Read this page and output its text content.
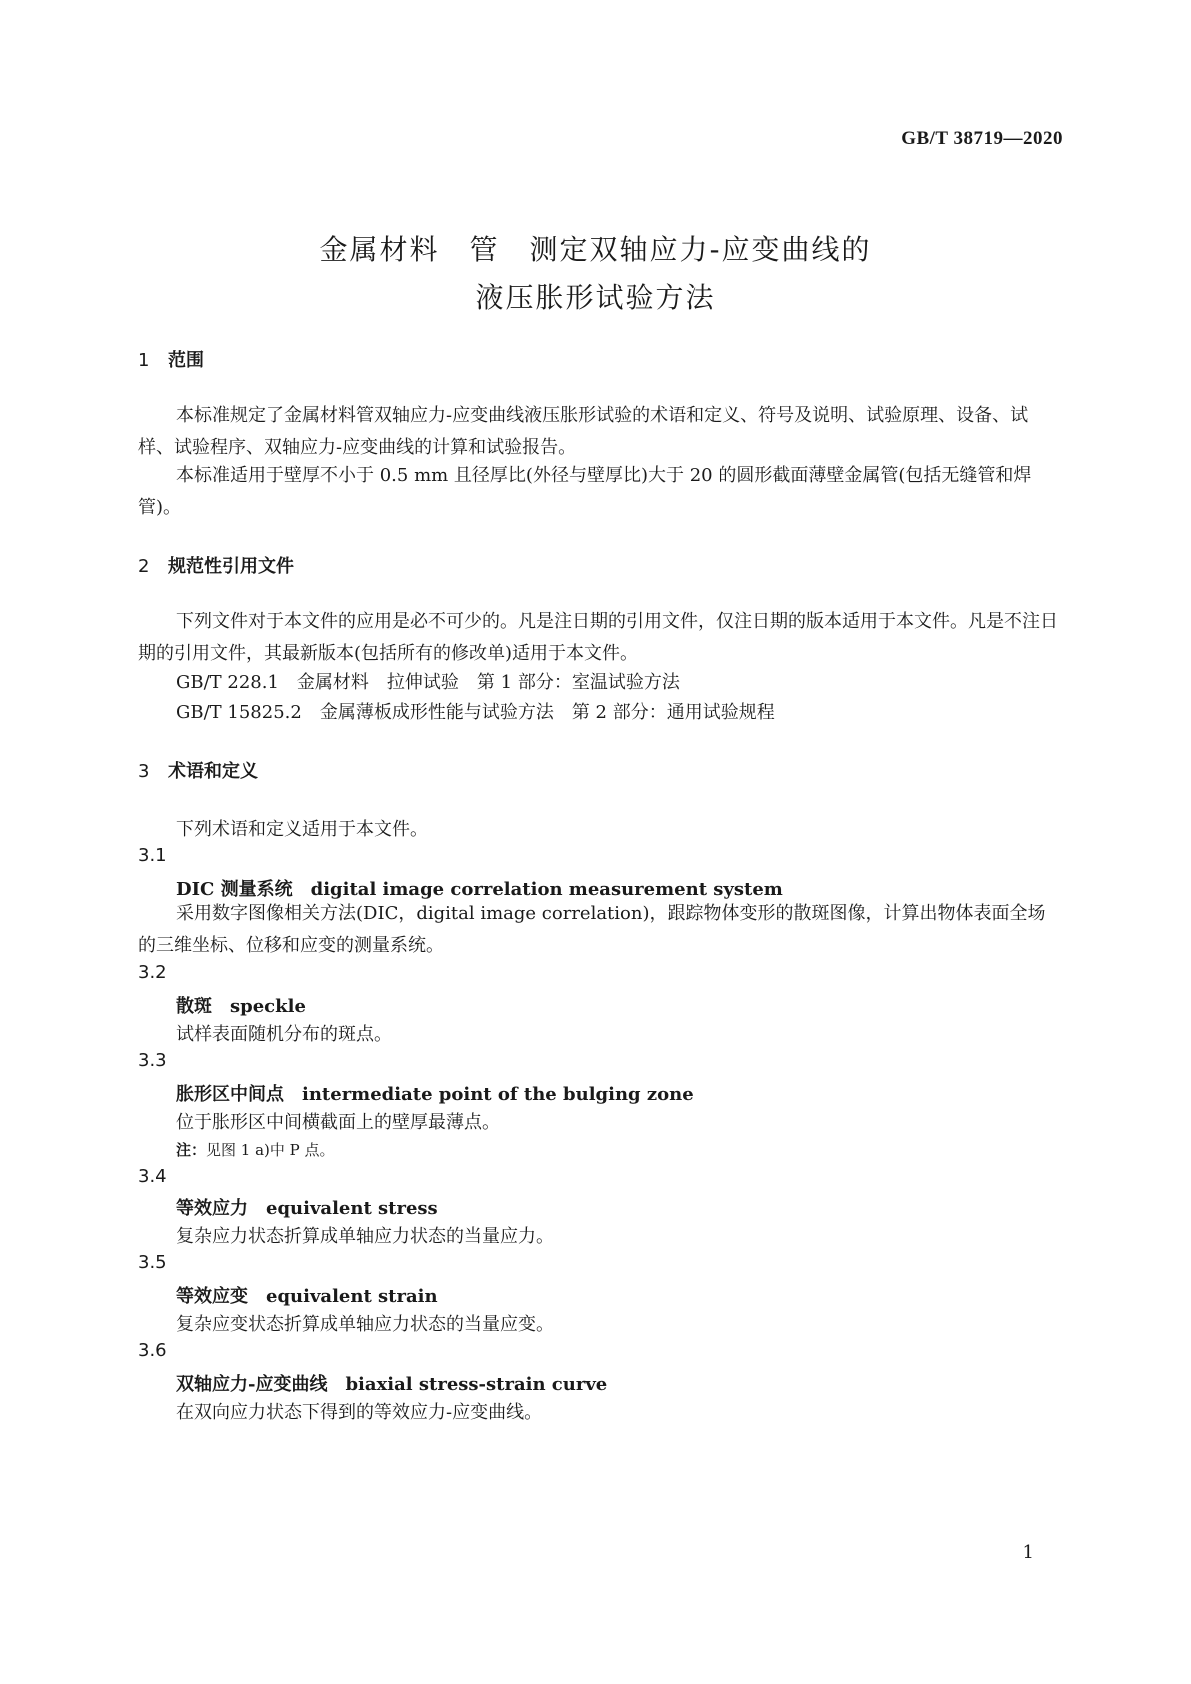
GB/T 38719—2020
金属材料　管　测定双轴应力-应变曲线的
液压胀形试验方法
1 范围
本标准规定了金属材料管双轴应力-应变曲线液压胀形试验的术语和定义、符号及说明、试验原理、设备、试样、试验程序、双轴应力-应变曲线的计算和试验报告。
本标准适用于壁厚不小于 0.5 mm 且径厚比(外径与壁厚比)大于 20 的圆形截面薄壁金属管(包括无缝管和焊管)。
2 规范性引用文件
下列文件对于本文件的应用是必不可少的。凡是注日期的引用文件，仅注日期的版本适用于本文件。凡是不注日期的引用文件，其最新版本(包括所有的修改单)适用于本文件。
GB/T 228.1　金属材料　拉伸试验　第 1 部分：室温试验方法
GB/T 15825.2　金属薄板成形性能与试验方法　第 2 部分：通用试验规程
3 术语和定义
下列术语和定义适用于本文件。
3.1
DIC 测量系统　digital image correlation measurement system
采用数字图像相关方法(DIC，digital image correlation)，跟踪物体变形的散斑图像，计算出物体表面全场的三维坐标、位移和应变的测量系统。
3.2
散斑　speckle
试样表面随机分布的斑点。
3.3
胀形区中间点　intermediate point of the bulging zone
位于胀形区中间横截面上的壁厚最薄点。
注：见图 1 a)中 P 点。
3.4
等效应力　equivalent stress
复杂应力状态折算成单轴应力状态的当量应力。
3.5
等效应变　equivalent strain
复杂应变状态折算成单轴应力状态的当量应变。
3.6
双轴应力-应变曲线　biaxial stress-strain curve
在双向应力状态下得到的等效应力-应变曲线。
1
